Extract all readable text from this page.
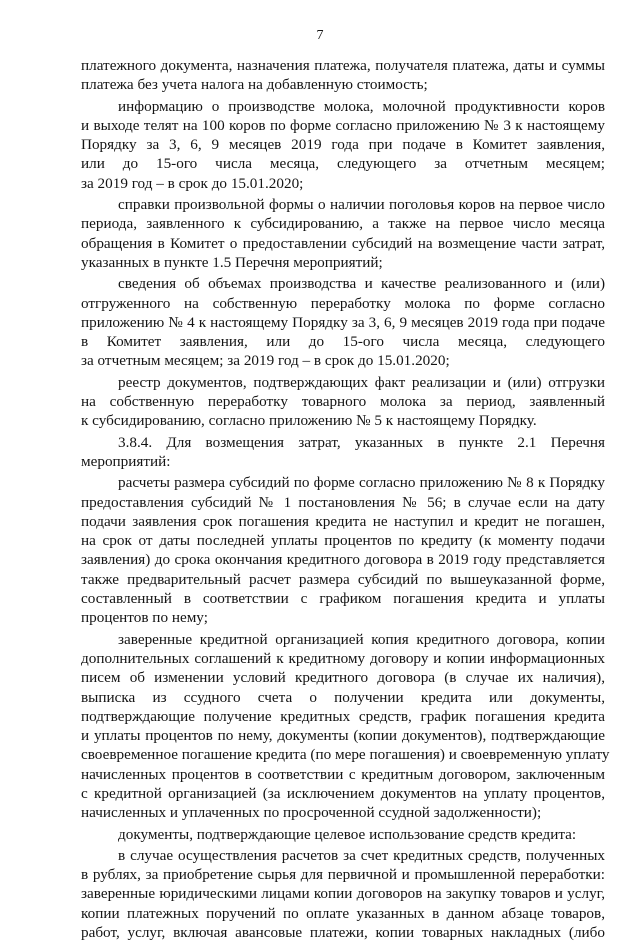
7
платежного документа, назначения платежа, получателя платежа, даты и суммы
платежа без учета налога на добавленную стоимость;
информацию о производстве молока, молочной продуктивности коров
и выходе телят на 100 коров по форме согласно приложению № 3 к настоящему
Порядку за 3, 6, 9 месяцев 2019 года при подаче в Комитет заявления,
или до 15-ого числа месяца, следующего за отчетным месяцем;
за 2019 год – в срок до 15.01.2020;
справки произвольной формы о наличии поголовья коров на первое число
периода, заявленного к субсидированию, а также на первое число месяца
обращения в Комитет о предоставлении субсидий на возмещение части затрат,
указанных в пункте 1.5 Перечня мероприятий;
сведения об объемах производства и качестве реализованного и (или)
отгруженного на собственную переработку молока по форме согласно
приложению № 4 к настоящему Порядку за 3, 6, 9 месяцев 2019 года при подаче
в Комитет заявления, или до 15-ого числа месяца, следующего
за отчетным месяцем; за 2019 год – в срок до 15.01.2020;
реестр документов, подтверждающих факт реализации и (или) отгрузки
на собственную переработку товарного молока за период, заявленный
к субсидированию, согласно приложению № 5 к настоящему Порядку.
3.8.4. Для возмещения затрат, указанных в пункте 2.1 Перечня
мероприятий:
расчеты размера субсидий по форме согласно приложению № 8 к Порядку
предоставления субсидий № 1 постановления № 56; в случае если на дату
подачи заявления срок погашения кредита не наступил и кредит не погашен,
на срок от даты последней уплаты процентов по кредиту (к моменту подачи
заявления) до срока окончания кредитного договора в 2019 году представляется
также предварительный расчет размера субсидий по вышеуказанной форме,
составленный в соответствии с графиком погашения кредита и уплаты
процентов по нему;
заверенные кредитной организацией копия кредитного договора, копии
дополнительных соглашений к кредитному договору и копии информационных
писем об изменении условий кредитного договора (в случае их наличия),
выписка из ссудного счета о получении кредита или документы,
подтверждающие получение кредитных средств, график погашения кредита
и уплаты процентов по нему, документы (копии документов), подтверждающие
своевременное погашение кредита (по мере погашения) и своевременную уплату
начисленных процентов в соответствии с кредитным договором, заключенным
с кредитной организацией (за исключением документов на уплату процентов,
начисленных и уплаченных по просроченной ссудной задолженности);
документы, подтверждающие целевое использование средств кредита:
в случае осуществления расчетов за счет кредитных средств, полученных
в рублях, за приобретение сырья для первичной и промышленной переработки:
заверенные юридическими лицами копии договоров на закупку товаров и услуг,
копии платежных поручений по оплате указанных в данном абзаце товаров,
работ, услуг, включая авансовые платежи, копии товарных накладных (либо
